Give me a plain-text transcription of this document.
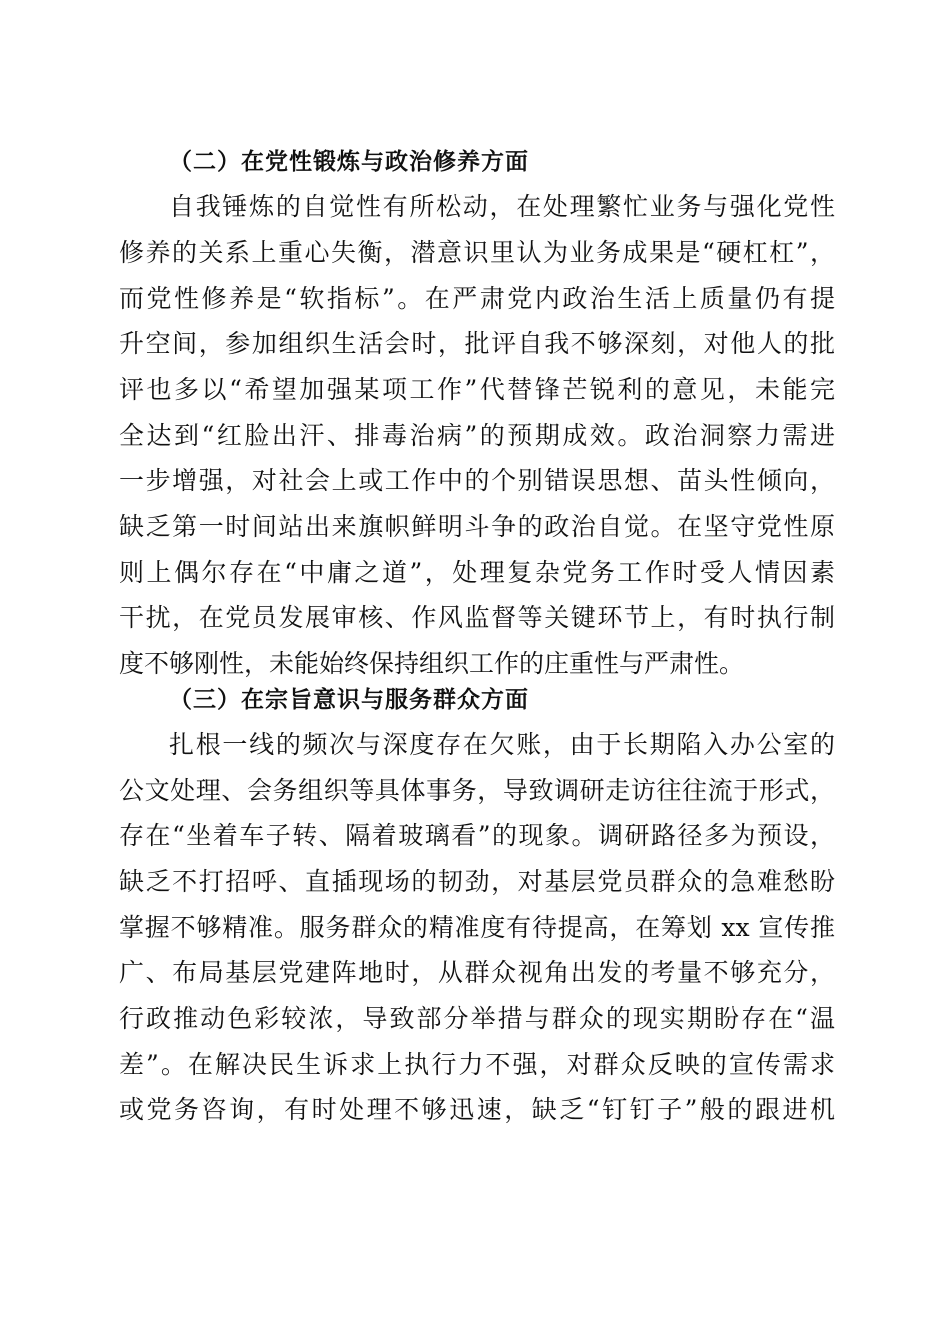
（二）在党性锻炼与政治修养方面
自我锤炼的自觉性有所松动，在处理繁忙业务与强化党性
修养的关系上重心失衡，潜意识里认为业务成果是“硬杠杠”，
而党性修养是“软指标”。在严肃党内政治生活上质量仍有提
升空间，参加组织生活会时，批评自我不够深刻，对他人的批
评也多以“希望加强某项工作”代替锋芒锐利的意见，未能完
全达到“红脸出汗、排毒治病”的预期成效。政治洞察力需进
一步增强，对社会上或工作中的个别错误思想、苗头性倾向，
缺乏第一时间站出来旗帜鲜明斗争的政治自觉。在坚守党性原
则上偶尔存在“中庸之道”，处理复杂党务工作时受人情因素
干扰，在党员发展审核、作风监督等关键环节上，有时执行制
度不够刚性，未能始终保持组织工作的庄重性与严肃性。
（三）在宗旨意识与服务群众方面
扎根一线的频次与深度存在欠账，由于长期陷入办公室的
公文处理、会务组织等具体事务，导致调研走访往往流于形式，
存在“坐着车子转、隔着玻璃看”的现象。调研路径多为预设，
缺乏不打招呼、直插现场的韧劲，对基层党员群众的急难愁盼
掌握不够精准。服务群众的精准度有待提高，在筹划 xx 宣传推
广、布局基层党建阵地时，从群众视角出发的考量不够充分，
行政推动色彩较浓，导致部分举措与群众的现实期盼存在“温
差”。在解决民生诉求上执行力不强，对群众反映的宣传需求
或党务咨询，有时处理不够迅速，缺乏“钉钉子”般的跟进机
